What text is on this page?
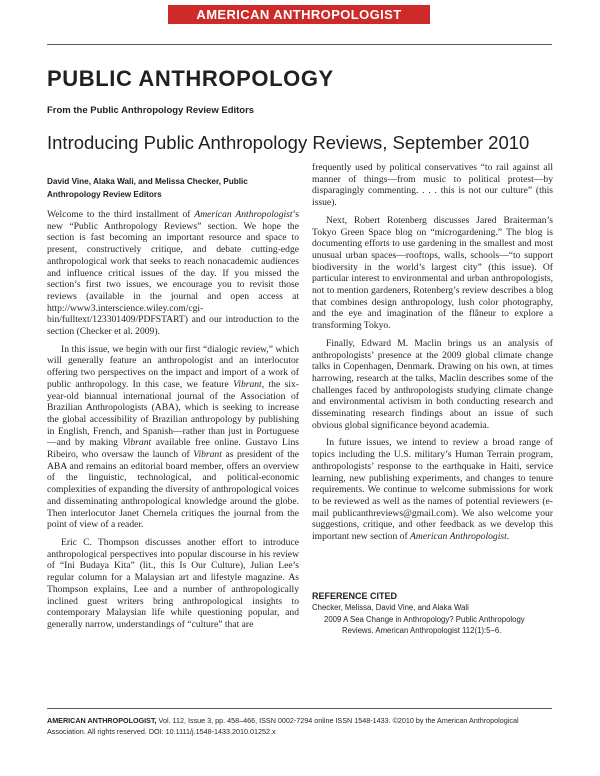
AMERICAN ANTHROPOLOGIST
PUBLIC ANTHROPOLOGY
From the Public Anthropology Review Editors
Introducing Public Anthropology Reviews, September 2010
David Vine, Alaka Wali, and Melissa Checker, Public Anthropology Review Editors

Welcome to the third installment of American Anthropologist’s new “Public Anthropology Reviews” section. We hope the section is fast becoming an important resource and space to present, constructively critique, and debate cutting-edge anthropological work that seeks to reach nonacademic audiences and influence critical issues of the day. If you missed the section’s first two issues, we encourage you to revisit those reviews (available in the journal and open access at http://www3.interscience.wiley.com/cgi-bin/fulltext/123301409/PDFSTART) and our introduction to the section (Checker et al. 2009).

In this issue, we begin with our first “dialogic review,” which will generally feature an anthropologist and an interlocutor offering two perspectives on the impact and import of a work of public anthropology. In this case, we feature Vibrant, the six-year-old biannual international journal of the Association of Brazilian Anthropologists (ABA), which is seeking to increase the global accessibility of Brazilian anthropology by publishing in English, French, and Spanish—rather than just in Portuguese—and by making Vibrant available free online. Gustavo Lins Ribeiro, who oversaw the launch of Vibrant as president of the ABA and remains an editorial board member, offers an overview of the linguistic, technological, and political-economic complexities of expanding the diversity of anthropological voices and disseminating anthropological knowledge around the globe. Then interlocutor Janet Chernela critiques the journal from the point of view of a reader.

Eric C. Thompson discusses another effort to introduce anthropological perspectives into popular discourse in his review of “Ini Budaya Kita” (lit., this Is Our Culture), Julian Lee’s regular column for a Malaysian art and lifestyle magazine. As Thompson explains, Lee and a number of anthropologically inclined guest writers bring anthropological insights to contemporary Malaysian life while questioning popular, and generally narrow, understandings of “culture” that are

frequently used by political conservatives “to rail against all manner of things—from music to political protest—by disparagingly commenting. . . . this is not our culture” (this issue).

Next, Robert Rotenberg discusses Jared Braiterman’s Tokyo Green Space blog on “microgardening.” The blog is documenting efforts to use gardening in the smallest and most unusual urban spaces—rooftops, walls, schools—“to support biodiversity in the world’s largest city” (this issue). Of particular interest to environmental and urban anthropologists, not to mention gardeners, Rotenberg’s review describes a blog that combines design anthropology, lush color photography, and the eye and imagination of the flâneur to explore a transforming Tokyo.

Finally, Edward M. Maclin brings us an analysis of anthropologists’ presence at the 2009 global climate change talks in Copenhagen, Denmark. Drawing on his own, at times harrowing, research at the talks, Maclin describes some of the challenges faced by anthropologists studying climate change and environmental activism in both conducting research and disseminating research findings about an issue of such obvious global significance beyond academia.

In future issues, we intend to review a broad range of topics including the U.S. military’s Human Terrain program, anthropologists’ response to the earthquake in Haiti, service learning, new publishing experiments, and changes to tenure requirements. We continue to welcome submissions for work to be reviewed as well as the names of potential reviewers (e-mail publicanthreviews@gmail.com). We also welcome your suggestions, critique, and other feedback as we develop this important new section of American Anthropologist.

REFERENCE CITED
Checker, Melissa, David Vine, and Alaka Wali
2009 A Sea Change in Anthropology? Public Anthropology Reviews. American Anthropologist 112(1):5–6.
AMERICAN ANTHROPOLOGIST, Vol. 112, Issue 3, pp. 458–466, ISSN 0002-7294 online ISSN 1548-1433. ©2010 by the American Anthropological Association. All rights reserved. DOI: 10.1111/j.1548-1433.2010.01252.x
